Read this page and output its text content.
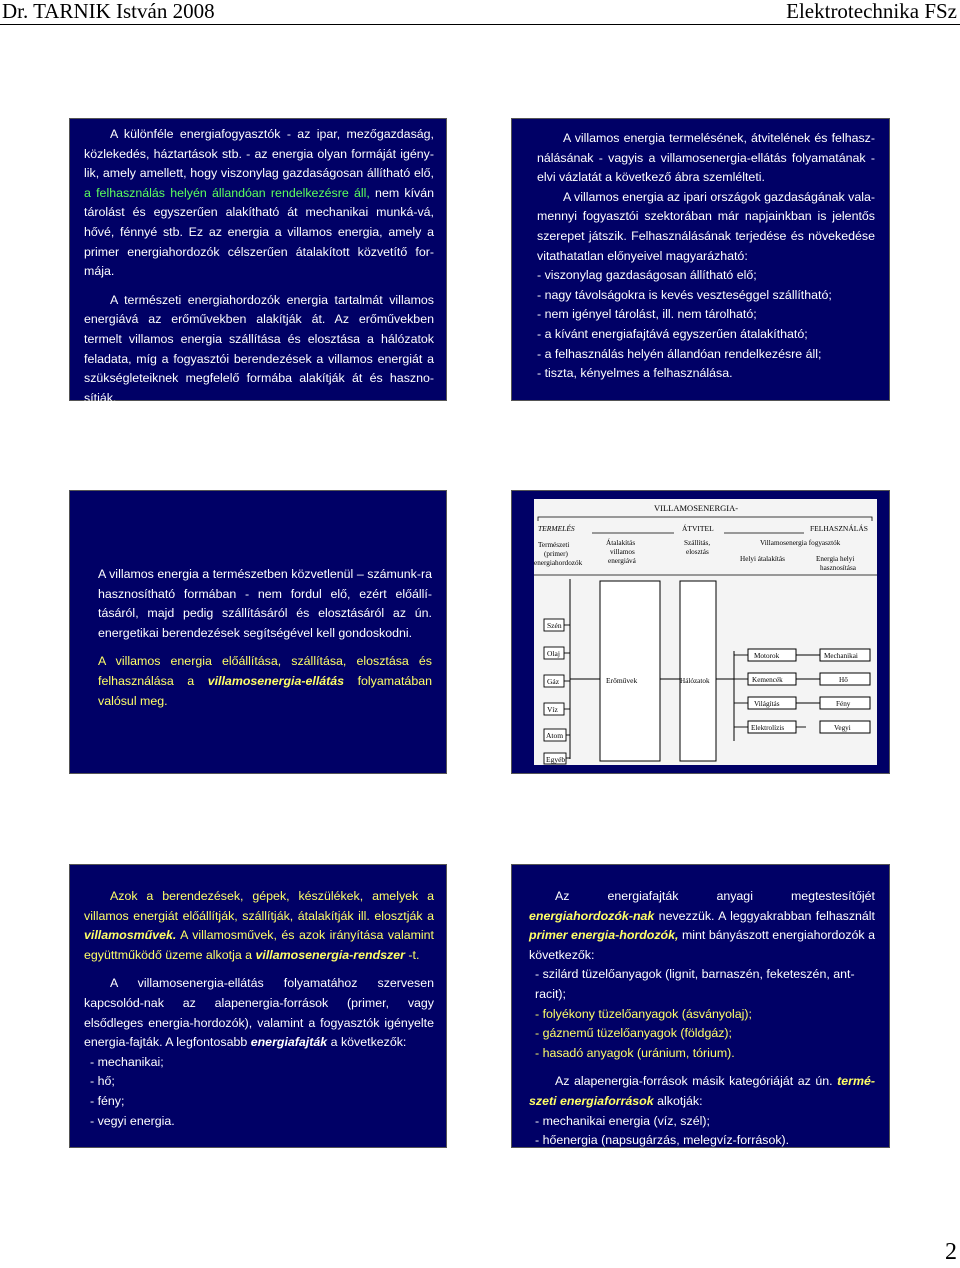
Dr. TARNIK István 2008	Elektrotechnika FSz

A különféle energiafogyasztók - az ipar, mezőgazdaság, közlekedés, háztartások stb. - az energia olyan formáját igény-lik, amely amellett, hogy viszonylag gazdaságosan állítható elő, a felhasználás helyén állandóan rendelkezésre áll, nem kíván tárolást és egyszerűen alakítható át mechanikai munká-vá, hővé, fénnyé stb. Ez az energia a villamos energia, amely a primer energiahordozók célszerűen átalakított közvetítő for-mája.

A természeti energiahordozók energia tartalmát villamos energiává az erőművekben alakítják át. Az erőművekben termelt villamos energia szállítása és elosztása a hálózatok feladata, míg a fogyasztói berendezések a villamos energiát a szükségleteiknek megfelelő formába alakítják át és haszno-sítják.

A villamos energia termelésének, átvitelének és felhasz-nálásának - vagyis a villamosenergia-ellátás folyamatának - elvi vázlatát a következő ábra szemlélteti.

A villamos energia az ipari országok gazdaságának vala-mennyi fogyasztói szektorában már napjainkban is jelentős szerepet játszik. Felhasználásának terjedése és növekedése vitathatatlan előnyeivel magyarázható:

- viszonylag gazdaságosan állítható elő;
- nagy távolságokra is kevés veszteséggel szállítható;
- nem igényel tárolást, ill. nem tárolható;
- a kívánt energiafajtává egyszerűen átalakítható;
- a felhasználás helyén állandóan rendelkezésre áll;
- tiszta, kényelmes a felhasználása.

A villamos energia a természetben közvetlenül – számunk-ra hasznosítható formában - nem fordul elő, ezért előállí-tásáról, majd pedig szállításáról és elosztásáról az ún. energetikai berendezések segítségével kell gondoskodni.

A villamos energia előállítása, szállítása, elosztása és felhasználása a villamosenergia-ellátás folyamatában valósul meg.

VILLAMOSENERGIA-
TERMELÉS	ÁTVITEL	FELHASZNÁLÁS
Természeti
(primer)
energiahordozók
Átalakítás
villamos
energiává
Szállítás,
elosztás
Villamosenergia fogyasztók
Helyi átalakítás	Energia helyi
hasznosítása
Szén
Olaj
Gáz
Víz
Atom
Egyéb
Erőművek	Hálózatok
Motorok
Kemencék
Világítás
Elektrolízis
Mechanikai
Hő
Fény
Vegyi

Azok a berendezések, gépek, készülékek, amelyek a villamos energiát előállítják, szállítják, átalakítják ill. elosztják a villamosművek. A villamosművek, és azok irányítása valamint együttműködő üzeme alkotja a villamosenergia-rendszer -t.

A villamosenergia-ellátás folyamatához szervesen kapcsolód-nak az alapenergia-források (primer, vagy elsődleges energia-hordozók), valamint a fogyasztók igényelte energia-fajták. A legfontosabb energiafajták a következők:

- mechanikai;
- hő;
- fény;
- vegyi energia.

Az energiafajták anyagi megtestesítőjét energiahordozók-nak nevezzük. A leggyakrabban felhasznált primer energia-hordozók, mint bányászott energiahordozók a következők:

- szilárd tüzelőanyagok (lignit, barnaszén, feketeszén, ant-racit);
- folyékony tüzelőanyagok (ásványolaj);
- gáznemű tüzelőanyagok (földgáz);
- hasadó anyagok (uránium, tórium).

Az alapenergia-források másik kategóriáját az ún. termé-szeti energiaforrások alkotják:

- mechanikai energia (víz, szél);
- hőenergia (napsugárzás, melegvíz-források).
2
